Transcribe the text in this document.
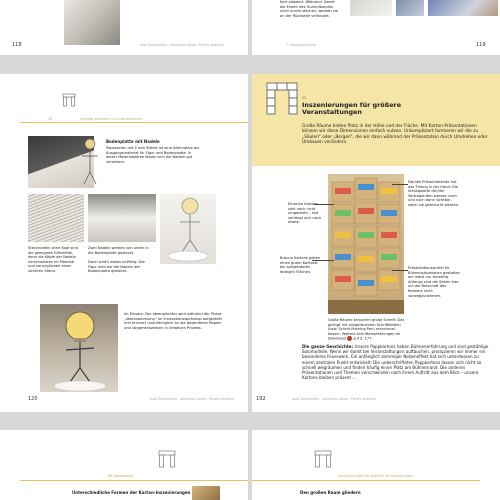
118	Axel Buchmüller, Johannes Gauer: Mind's grafisch
Kart platziert. Während. Damit die Enden des Gummibandes nicht durchrutschen, werden sie an der Rückseite verknotet.
7 Lösungsfindung	119
10	Objekte gestalten und live aufstellen
Bodenplatte mit Nadeln
Pappkarton mit 5 mm Stärke ist eine Alternative als Ausgangsmaterial für Figur und Bodenplatte. In dieser Materialstärke lassen sich die Nadeln gut verankern.
Stecknadeln ohne Kopf sind die geeignete Hilfsmittel, denn die Köpfe der Nadeln verschwinden im Material und verunglücken einen sicheren Stand.
Zwei Nadeln werden von unten in die Bodenplatte gesteckt.
Dann wird's etwas kniffelig: Die Figur wird auf die Nadeln der Bodenplatte gesteckt.
Im Einsatz: Der Ideenwächter wird während der Phase „Ideensammlung“ im Innovationsworkshop aufgestellt und erinnert unaufdringlich an die besonderen Regeln und Vorgehensweisen in kreativen Prozess.
120	Axel Buchmüller, Johannes Gauer: Mind's grafisch
05
Inszenierungen für größere Veranstaltungen
Große Räume bieten Platz in der Höhe und der Fläche. Mit Karton-Präsentationen können wir diese Dimensionen einfach nutzen. Unkompliziert formieren wir die zu „Säulen“ oder „Bergen“, die wir dann während der Präsentation durch Umdrehen oder Umbauen verändern.
Einzelne Kartons sind noch nicht umgedreht – hier verlängt sich noch etwas.
Braune Kartons geben einen guten Kontrast bei aufgeklebten farbigen Flächen.
Der/die Präsentierende hat das Timing in der Hand: Die Schlagworte der/der Vortragenden werden nach und nach dann sichtbar, wenn sie gebraucht werden.
Präsentationswürfel für Bühnensituationen gestalten wir meist nur einseitig. Anfangs sind die Seiten leer, um die Botschaft des Redners nicht vorwegzunehmen.
Große Räume brauchen große Schrift: Das gelingt mit ausgedruckten Schriftbildern (bzw. Schrift Marking Pen) manchmal besser. Weitere Schriftempfehlungen im Download auf S. 177.
Die ganze Geschichte: Unsere Pappkartons haben Bühnenerfahrung und sind gestählige Solomodelle. Wenn wir damit bei Veranstaltungen auftauchen, produzieren wir immer ein besonderes Feuerwerk. Ein anfänglich stimmiger Nebeneffekt hat sich unterdessen zu einem zentralen Punkt entwickelt: Die unbeschrifteten Pappkartons lassen sich nicht so schnell wegräumen und finden häufig einen Platz am Bühnenrand. Die anderen Präsentationen und Themen verschwinden nach ihrem Auftritt aus dem Blick – unsere Kartons bleiben präsent …
192	Axel Buchmüller, Johannes Gauer: Mind's grafisch
05 Inszenieren
Unterschiedliche Formen der Karton-Inszenierungen
Inszenierungen für größere Veranstaltungen
Den großen Raum gliedern
